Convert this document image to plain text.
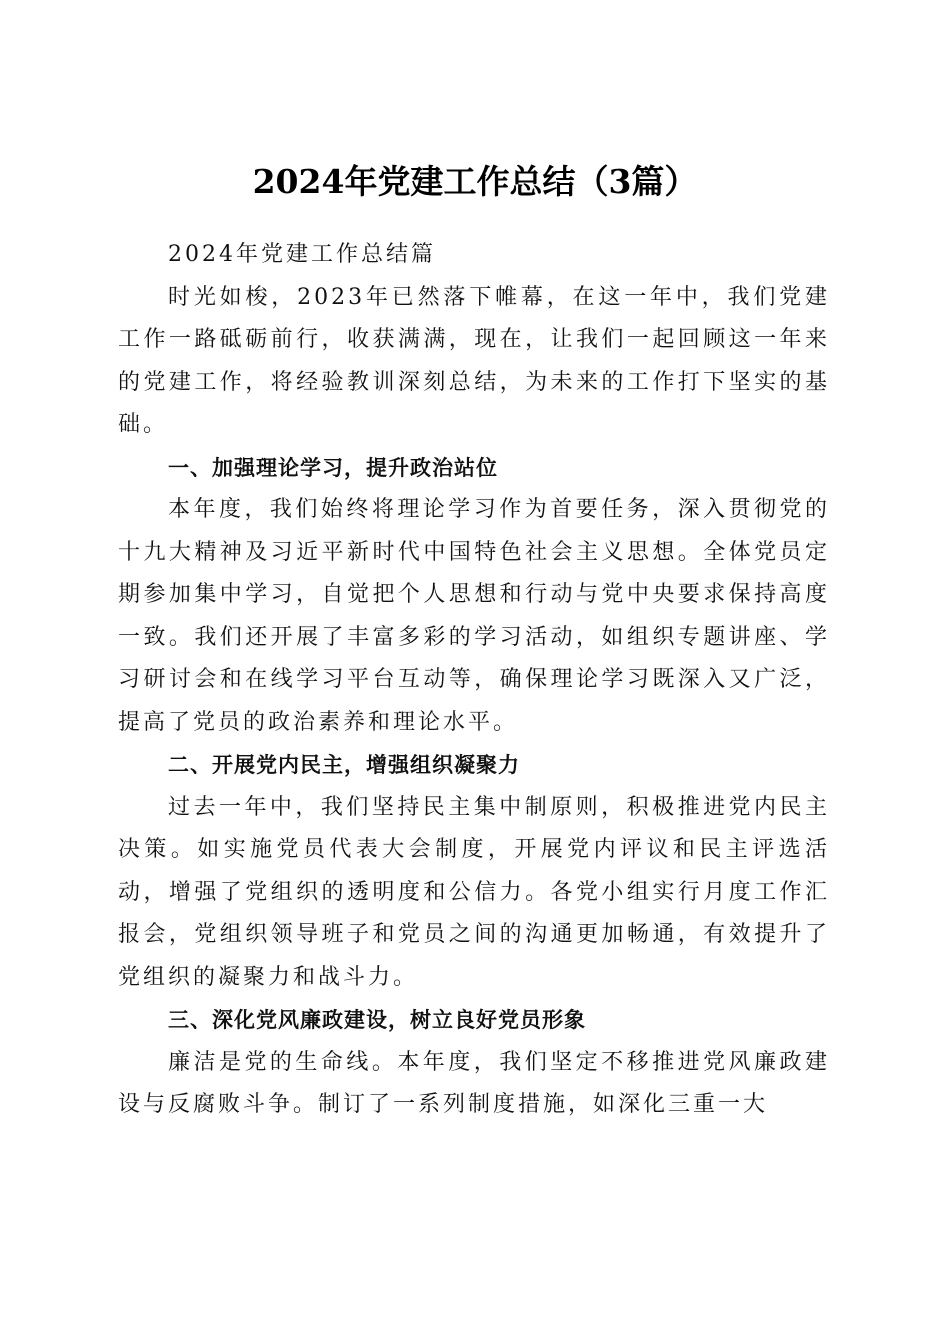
2024年党建工作总结（3篇）

2024年党建工作总结篇

时光如梭，2023年已然落下帷幕，在这一年中，我们党建工作一路砥砺前行，收获满满，现在，让我们一起回顾这一年来的党建工作，将经验教训深刻总结，为未来的工作打下坚实的基础。

一、加强理论学习，提升政治站位

本年度，我们始终将理论学习作为首要任务，深入贯彻党的十九大精神及习近平新时代中国特色社会主义思想。全体党员定期参加集中学习，自觉把个人思想和行动与党中央要求保持高度一致。我们还开展了丰富多彩的学习活动，如组织专题讲座、学习研讨会和在线学习平台互动等，确保理论学习既深入又广泛，提高了党员的政治素养和理论水平。

二、开展党内民主，增强组织凝聚力

过去一年中，我们坚持民主集中制原则，积极推进党内民主决策。如实施党员代表大会制度，开展党内评议和民主评选活动，增强了党组织的透明度和公信力。各党小组实行月度工作汇报会，党组织领导班子和党员之间的沟通更加畅通，有效提升了党组织的凝聚力和战斗力。

三、深化党风廉政建设，树立良好党员形象

廉洁是党的生命线。本年度，我们坚定不移推进党风廉政建设与反腐败斗争。制订了一系列制度措施，如深化三重一大
